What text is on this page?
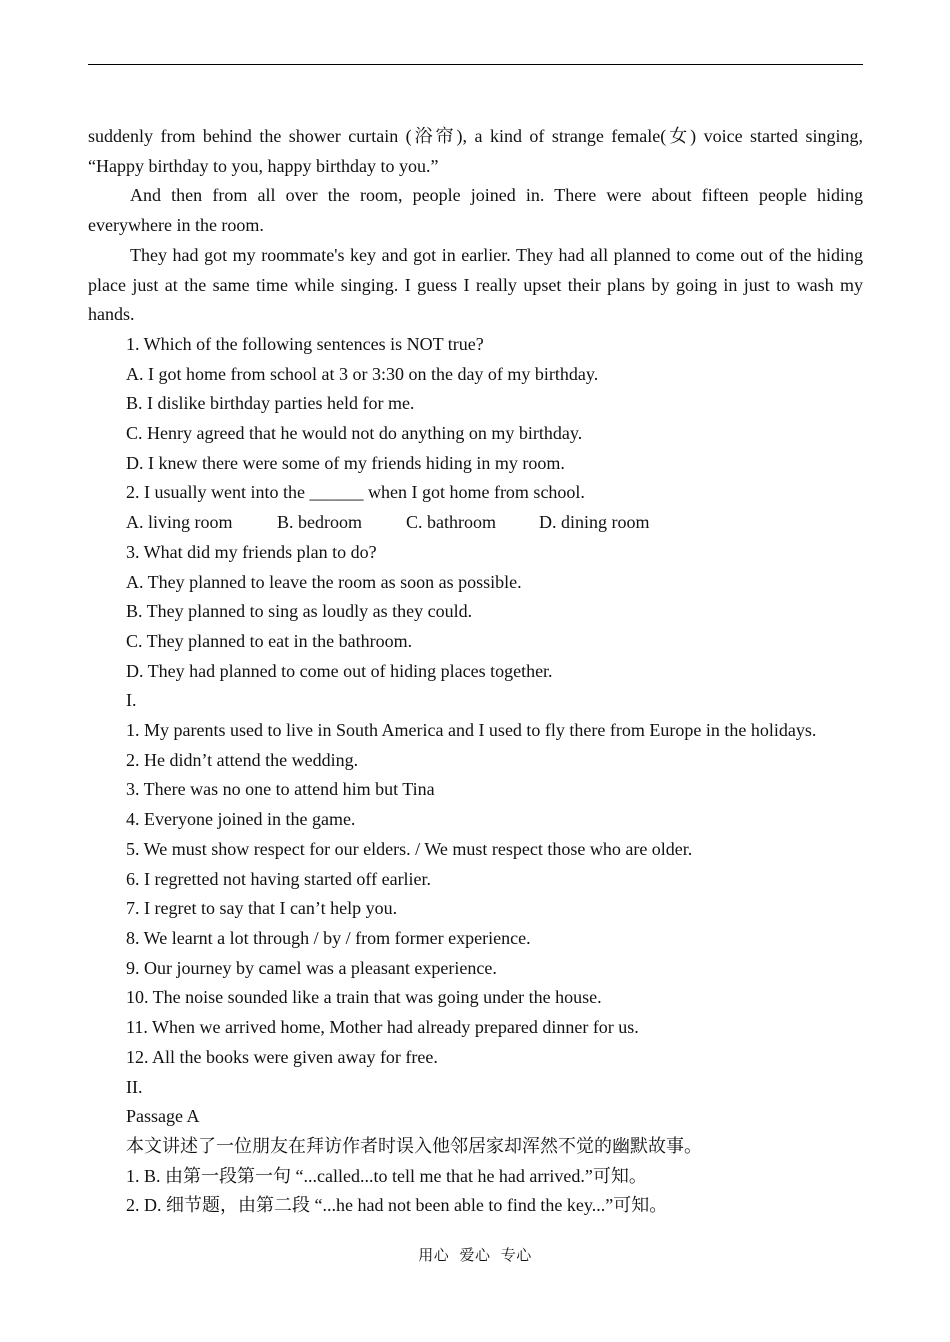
suddenly from behind the shower curtain (浴帘), a kind of strange female(女) voice started singing, “Happy birthday to you, happy birthday to you.”

And then from all over the room, people joined in. There were about fifteen people hiding everywhere in the room.

They had got my roommate's key and got in earlier. They had all planned to come out of the hiding place just at the same time while singing. I guess I really upset their plans by going in just to wash my hands.

1. Which of the following sentences is NOT true?
A. I got home from school at 3 or 3:30 on the day of my birthday.
B. I dislike birthday parties held for me.
C. Henry agreed that he would not do anything on my birthday.
D. I knew there were some of my friends hiding in my room.
2. I usually went into the ______ when I got home from school.
A. living room B. bedroom C. bathroom D. dining room
3. What did my friends plan to do?
A. They planned to leave the room as soon as possible.
B. They planned to sing as loudly as they could.
C. They planned to eat in the bathroom.
D. They had planned to come out of hiding places together.
I.
1. My parents used to live in South America and I used to fly there from Europe in the holidays.
2. He didn’t attend the wedding.
3. There was no one to attend him but Tina
4. Everyone joined in the game.
5. We must show respect for our elders. / We must respect those who are older.
6. I regretted not having started off earlier.
7. I regret to say that I can’t help you.
8. We learnt a lot through / by / from former experience.
9. Our journey by camel was a pleasant experience.
10. The noise sounded like a train that was going under the house.
11. When we arrived home, Mother had already prepared dinner for us.
12. All the books were given away for free.
II.
Passage A
本文讲述了一位朋友在拜访作者时误入他邻居家却浑然不觉的幽默故事。
1. B. 由第一段第一句 “...called...to tell me that he had arrived.”可知。
2. D. 细节题，由第二段 “...he had not been able to find the key...”可知。
用心 爱心 专心
